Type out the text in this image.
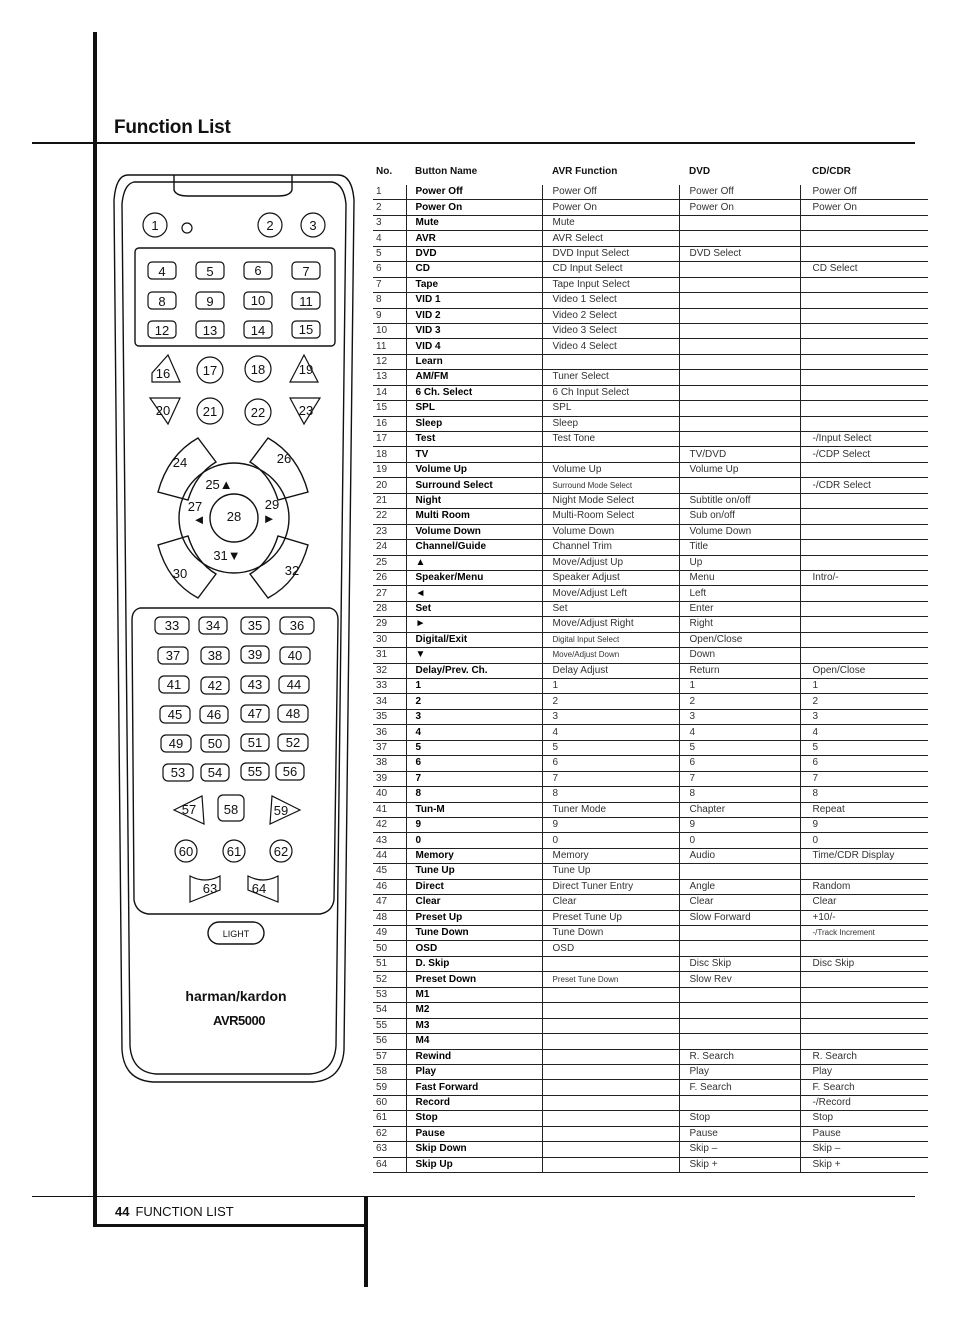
Function List
44 FUNCTION LIST
1	2	3
4	5	6	7
8	9	10	11
12	13	14	15
16	17	18	19
20	21	22	23
24	26
25▲
27
◄ 28
29
►
31▼
30	32
33 34 35 36
37 38 39 40
41 42 43 44
45 46 47 48
49 50 51 52
53 54 55 56
57 58	59
60	61	62
63	64
LIGHT
harman/kardon
AVR5000
No.	Button Name	AVR Function	DVD	CD/CDR
1	Power Off	Power Off	Power Off	Power Off
2	Power On	Power On	Power On	Power On
3	Mute	Mute		
4	AVR	AVR Select		
5	DVD	DVD Input Select	DVD Select	
6	CD	CD Input Select		CD Select
7	Tape	Tape Input Select		
8	VID 1	Video 1 Select		
9	VID 2	Video 2 Select		
10	VID 3	Video 3 Select		
11	VID 4	Video 4 Select		
12	Learn			
13	AM/FM	Tuner Select		
14	6 Ch. Select	6 Ch Input Select		
15	SPL	SPL		
16	Sleep	Sleep		
17	Test	Test Tone		-/Input Select
18	TV		TV/DVD	-/CDP Select
19	Volume Up	Volume Up	Volume Up	
20	Surround Select	Surround Mode Select		-/CDR Select
21	Night	Night Mode Select	Subtitle on/off	
22	Multi Room	Multi-Room Select	Sub on/off	
23	Volume Down	Volume Down	Volume Down	
24	Channel/Guide	Channel Trim	Title	
25	▲	Move/Adjust Up	Up	
26	Speaker/Menu	Speaker Adjust	Menu	Intro/-
27	◄	Move/Adjust Left	Left	
28	Set	Set	Enter	
29	►	Move/Adjust Right	Right	
30	Digital/Exit	Digital Input Select	Open/Close	
31	▼	Move/Adjust Down	Down	
32	Delay/Prev. Ch.	Delay Adjust	Return	Open/Close
33	1	1	1	1
34	2	2	2	2
35	3	3	3	3
36	4	4	4	4
37	5	5	5	5
38	6	6	6	6
39	7	7	7	7
40	8	8	8	8
41	Tun-M	Tuner Mode	Chapter	Repeat
42	9	9	9	9
43	0	0	0	0
44	Memory	Memory	Audio	Time/CDR Display
45	Tune Up	Tune Up		
46	Direct	Direct Tuner Entry	Angle	Random
47	Clear	Clear	Clear	Clear
48	Preset Up	Preset Tune Up	Slow Forward	+10/-
49	Tune Down	Tune Down		-/Track Increment
50	OSD	OSD		
51	D. Skip		Disc Skip	Disc Skip
52	Preset Down	Preset Tune Down	Slow Rev	
53	M1			
54	M2			
55	M3			
56	M4			
57	Rewind		R. Search	R. Search
58	Play		Play	Play
59	Fast Forward		F. Search	F. Search
60	Record			-/Record
61	Stop		Stop	Stop
62	Pause		Pause	Pause
63	Skip Down		Skip –	Skip –
64	Skip Up		Skip +	Skip +
